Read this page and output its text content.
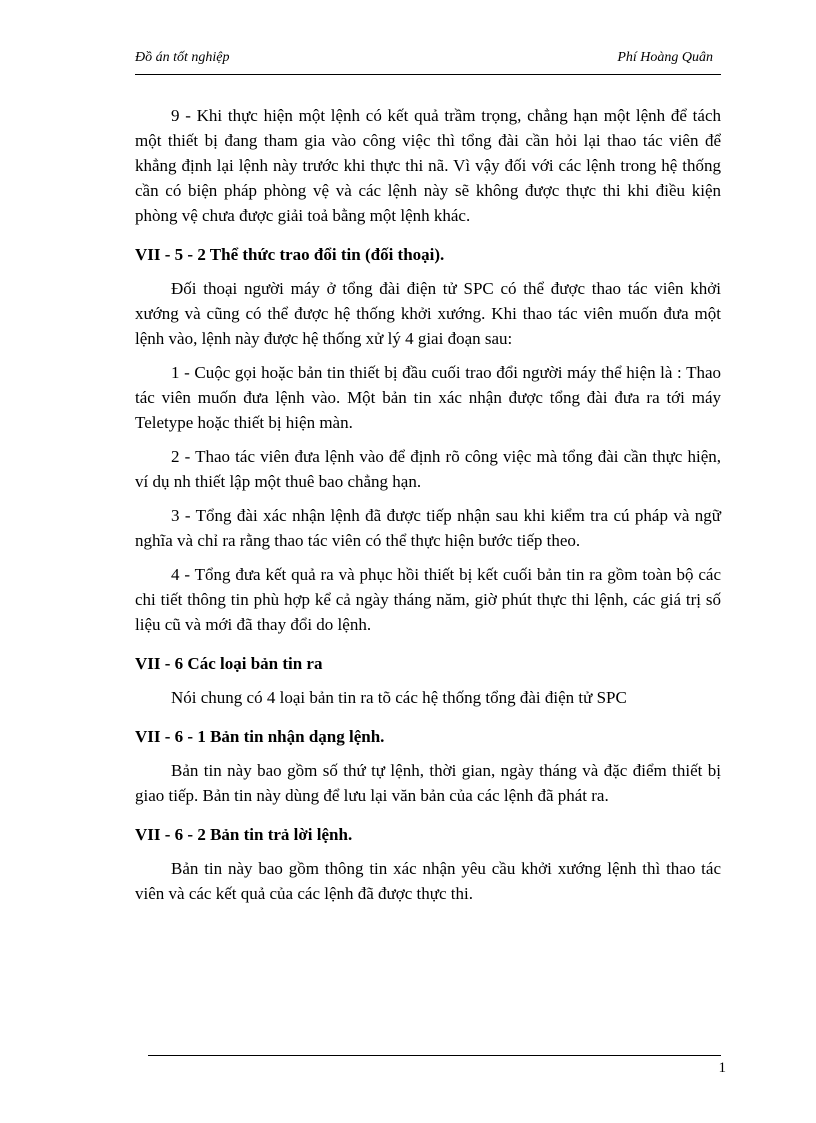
Đồ án tốt nghiệp	Phí Hoàng Quân

9 - Khi thực hiện một lệnh có kết quả trầm trọng, chẳng hạn một lệnh để tách một thiết bị đang tham gia vào công việc thì tổng đài cần hỏi lại thao tác viên để khẳng định lại lệnh này trước khi thực thi nã. Vì vậy đối với các lệnh trong hệ thống cần có biện pháp phòng vệ và các lệnh này sẽ không được thực thi khi điều kiện phòng vệ chưa được giải toả bằng một lệnh khác.

VII - 5 - 2 Thể thức trao đổi tin (đối thoại).

Đối thoại người máy ở tổng đài điện tử SPC có thể được thao tác viên khởi xướng và cũng có thể được hệ thống khởi xướng. Khi thao tác viên muốn đưa một lệnh vào, lệnh này được hệ thống xử lý 4 giai đoạn sau:

1 - Cuộc gọi hoặc bản tin thiết bị đầu cuối trao đổi người máy thể hiện là : Thao tác viên muốn đưa lệnh vào. Một bản tin xác nhận được tổng đài đưa ra tới máy Teletype hoặc thiết bị hiện màn.

2 - Thao tác viên đưa lệnh vào để định rõ công việc mà tổng đài cần thực hiện, ví dụ nh thiết lập một thuê bao chẳng hạn.

3 - Tổng đài xác nhận lệnh đã được tiếp nhận sau khi kiểm tra cú pháp và ngữ nghĩa và chỉ ra rằng thao tác viên có thể thực hiện bước tiếp theo.

4 - Tổng đưa kết quả ra và phục hồi thiết bị kết cuối bản tin ra gồm toàn bộ các chi tiết thông tin phù hợp kể cả ngày tháng năm, giờ phút thực thi lệnh, các giá trị số liệu cũ và mới đã thay đổi do lệnh.

VII - 6 Các loại bản tin ra

Nói chung có 4 loại bản tin ra tõ các hệ thống tổng đài điện tử SPC

VII - 6 - 1 Bản tin nhận dạng lệnh.

Bản tin này bao gồm số thứ tự lệnh, thời gian, ngày tháng và đặc điểm thiết bị giao tiếp. Bản tin này dùng để lưu lại văn bản của các lệnh đã phát ra.

VII - 6 - 2 Bản tin trả lời lệnh.

Bản tin này bao gồm thông tin xác nhận yêu cầu khởi xướng lệnh thì thao tác viên và các kết quả của các lệnh đã được thực thi.

1
